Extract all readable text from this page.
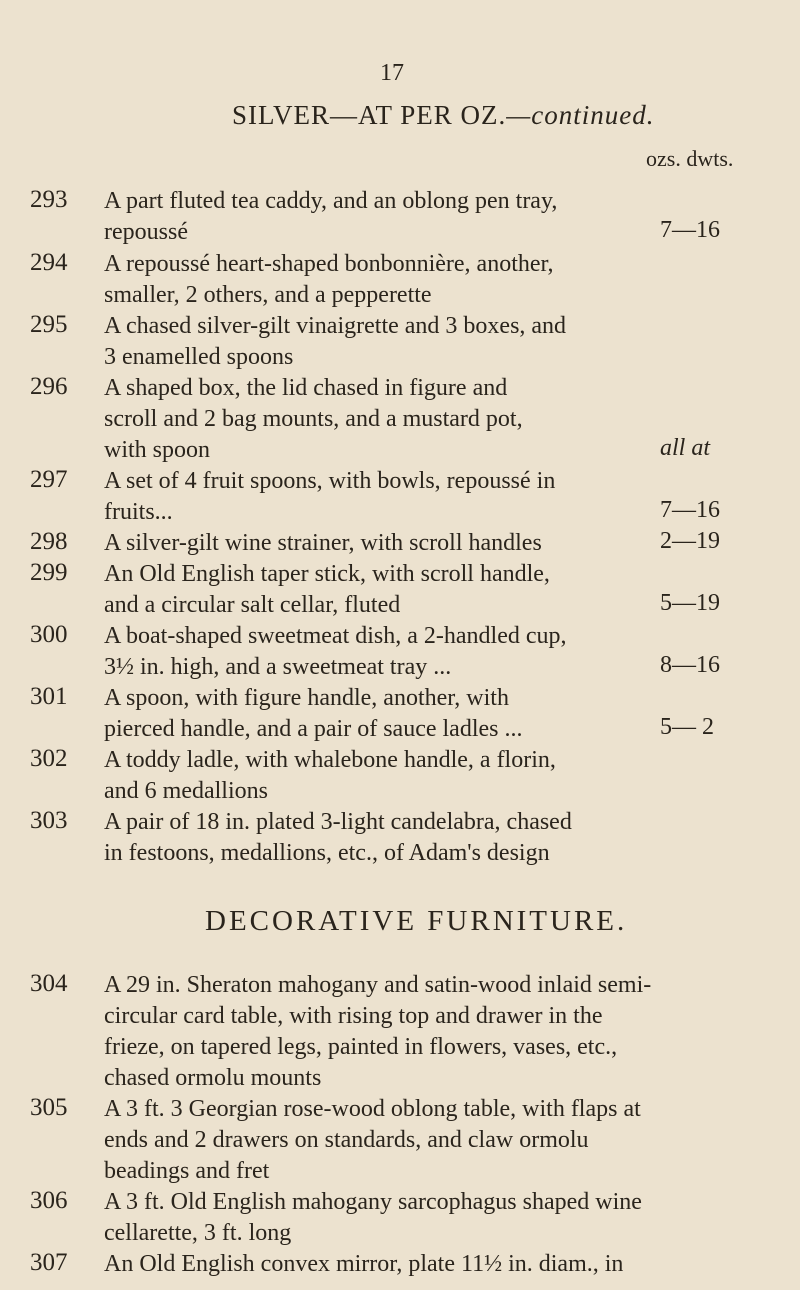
17
SILVER—AT PER OZ.—continued.
ozs. dwts.
293 A part fluted tea caddy, and an oblong pen tray,
repoussé	7—16
294 A repoussé heart-shaped bonbonnière, another,
smaller, 2 others, and a pepperette
295 A chased silver-gilt vinaigrette and 3 boxes, and
3 enamelled spoons
296 A shaped box, the lid chased in figure and
scroll and 2 bag mounts, and a mustard pot,
with spoon	all at
297 A set of 4 fruit spoons, with bowls, repoussé in
fruits...	7—16
298 A silver-gilt wine strainer, with scroll handles	2—19
299 An Old English taper stick, with scroll handle,
and a circular salt cellar, fluted	5—19
300 A boat-shaped sweetmeat dish, a 2-handled cup,
3½ in. high, and a sweetmeat tray ...	8—16
301 A spoon, with figure handle, another, with
pierced handle, and a pair of sauce ladles ...	5— 2
302 A toddy ladle, with whalebone handle, a florin,
and 6 medallions
303 A pair of 18 in. plated 3-light candelabra, chased
in festoons, medallions, etc., of Adam's design
DECORATIVE FURNITURE.
304 A 29 in. Sheraton mahogany and satin-wood inlaid semi-
circular card table, with rising top and drawer in the
frieze, on tapered legs, painted in flowers, vases, etc.,
chased ormolu mounts
305 A 3 ft. 3 Georgian rose-wood oblong table, with flaps at
ends and 2 drawers on standards, and claw ormolu
beadings and fret
306 A 3 ft. Old English mahogany sarcophagus shaped wine
cellarette, 3 ft. long
307 An Old English convex mirror, plate 11½ in. diam., in
